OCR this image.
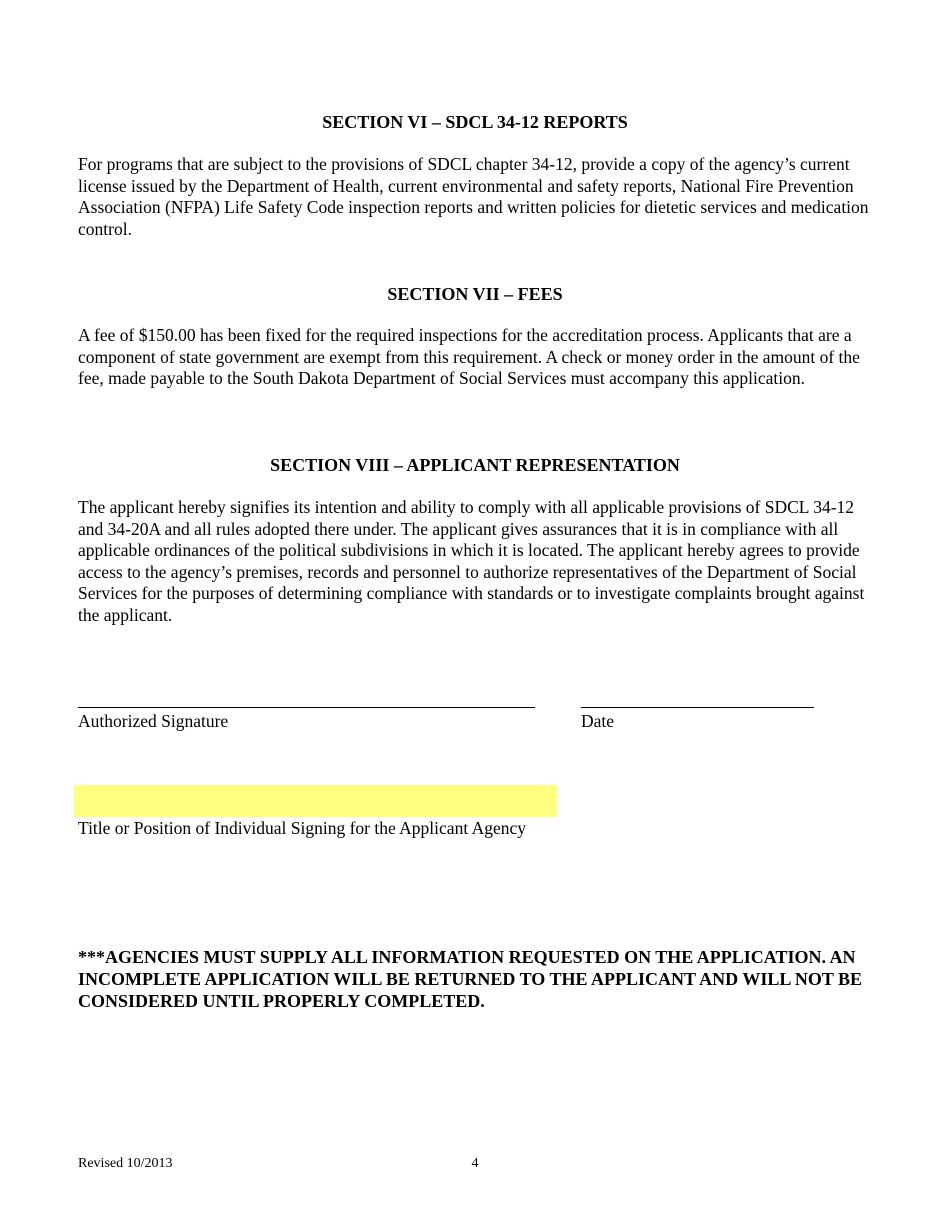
SECTION VI – SDCL 34-12 REPORTS

For programs that are subject to the provisions of SDCL chapter 34-12, provide a copy of the agency’s current license issued by the Department of Health, current environmental and safety reports, National Fire Prevention Association (NFPA) Life Safety Code inspection reports and written policies for dietetic services and medication control.

SECTION VII – FEES

A fee of $150.00 has been fixed for the required inspections for the accreditation process. Applicants that are a component of state government are exempt from this requirement. A check or money order in the amount of the fee, made payable to the South Dakota Department of Social Services must accompany this application.

SECTION VIII – APPLICANT REPRESENTATION

The applicant hereby signifies its intention and ability to comply with all applicable provisions of SDCL 34-12 and 34-20A and all rules adopted there under. The applicant gives assurances that it is in compliance with all applicable ordinances of the political subdivisions in which it is located. The applicant hereby agrees to provide access to the agency’s premises, records and personnel to authorize representatives of the Department of Social Services for the purposes of determining compliance with standards or to investigate complaints brought against the applicant.

Authorized Signature	Date

Title or Position of Individual Signing for the Applicant Agency

***AGENCIES MUST SUPPLY ALL INFORMATION REQUESTED ON THE APPLICATION. AN INCOMPLETE APPLICATION WILL BE RETURNED TO THE APPLICANT AND WILL NOT BE CONSIDERED UNTIL PROPERLY COMPLETED.

Revised 10/2013	4
